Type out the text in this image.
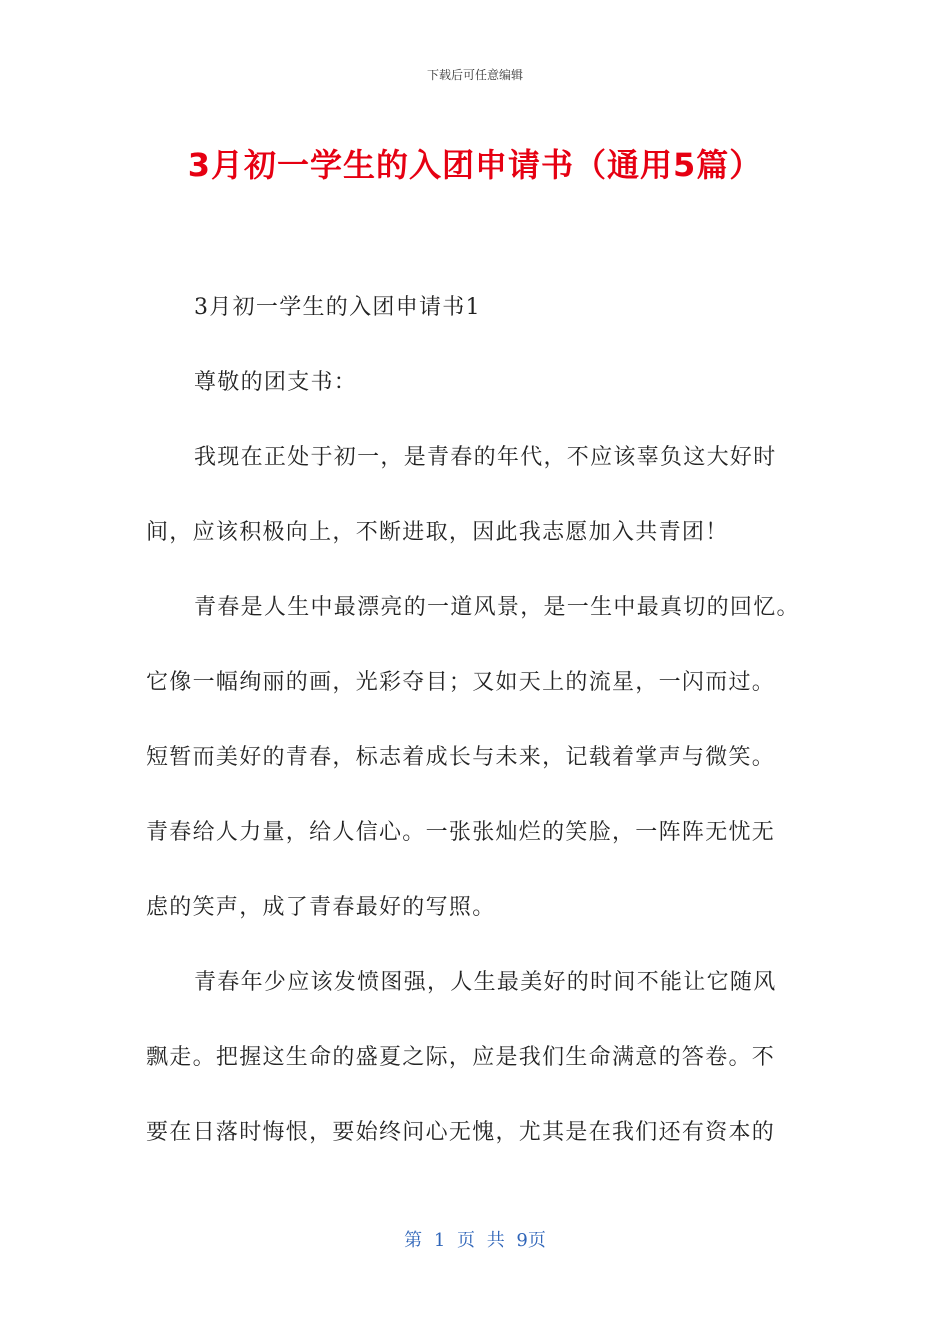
下载后可任意编辑
3月初一学生的入团申请书（通用5篇）

3月初一学生的入团申请书1

尊敬的团支书：

我现在正处于初一，是青春的年代，不应该辜负这大好时

间，应该积极向上，不断进取，因此我志愿加入共青团！

青春是人生中最漂亮的一道风景，是一生中最真切的回忆。

它像一幅绚丽的画，光彩夺目；又如天上的流星，一闪而过。

短暂而美好的青春，标志着成长与未来，记载着掌声与微笑。

青春给人力量，给人信心。一张张灿烂的笑脸，一阵阵无忧无

虑的笑声，成了青春最好的写照。

青春年少应该发愤图强，人生最美好的时间不能让它随风

飘走。把握这生命的盛夏之际，应是我们生命满意的答卷。不

要在日落时悔恨，要始终问心无愧，尤其是在我们还有资本的

第 1 页 共 9页
